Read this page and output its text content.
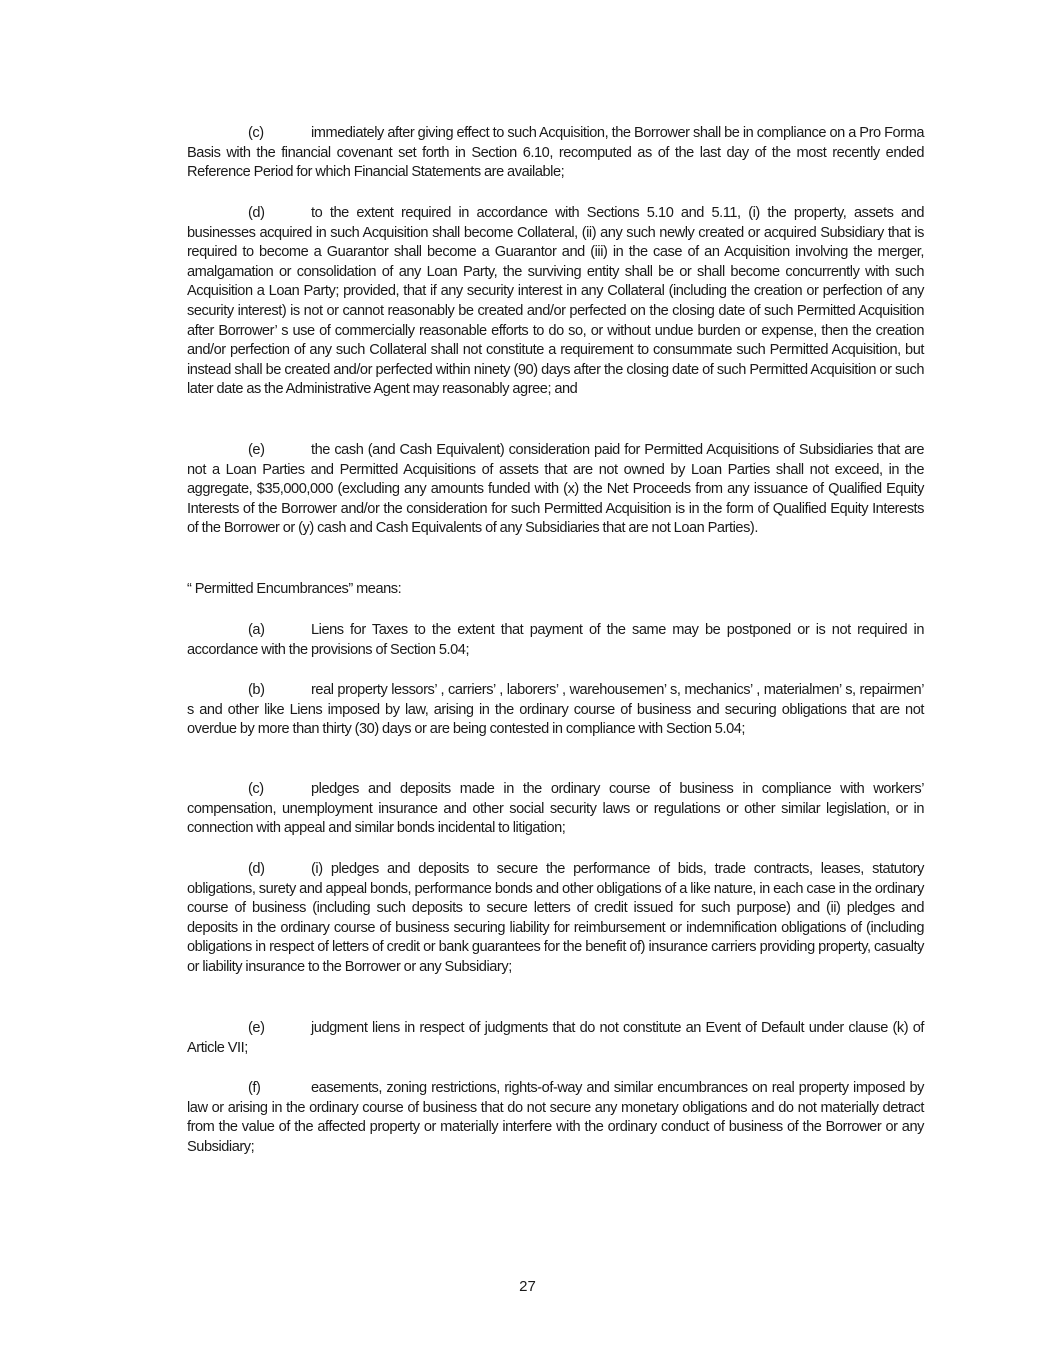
(c)	immediately after giving effect to such Acquisition, the Borrower shall be in compliance on a Pro Forma Basis with the financial covenant set forth in Section 6.10, recomputed as of the last day of the most recently ended Reference Period for which Financial Statements are available;

(d)	to the extent required in accordance with Sections 5.10 and 5.11, (i) the property, assets and businesses acquired in such Acquisition shall become Collateral, (ii) any such newly created or acquired Subsidiary that is required to become a Guarantor shall become a Guarantor and (iii) in the case of an Acquisition involving the merger, amalgamation or consolidation of any Loan Party, the surviving entity shall be or shall become concurrently with such Acquisition a Loan Party; provided, that if any security interest in any Collateral (including the creation or perfection of any security interest) is not or cannot reasonably be created and/or perfected on the closing date of such Permitted Acquisition after Borrower’ s use of commercially reasonable efforts to do so, or without undue burden or expense, then the creation and/or perfection of any such Collateral shall not constitute a requirement to consummate such Permitted Acquisition, but instead shall be created and/or perfected within ninety (90) days after the closing date of such Permitted Acquisition or such later date as the Administrative Agent may reasonably agree; and

(e)	the cash (and Cash Equivalent) consideration paid for Permitted Acquisitions of Subsidiaries that are not a Loan Parties and Permitted Acquisitions of assets that are not owned by Loan Parties shall not exceed, in the aggregate, $35,000,000 (excluding any amounts funded with (x) the Net Proceeds from any issuance of Qualified Equity Interests of the Borrower and/or the consideration for such Permitted Acquisition is in the form of Qualified Equity Interests of the Borrower or (y) cash and Cash Equivalents of any Subsidiaries that are not Loan Parties).

“ Permitted Encumbrances” means:

(a)	Liens for Taxes to the extent that payment of the same may be postponed or is not required in accordance with the provisions of Section 5.04;

(b)	real property lessors’ , carriers’ , laborers’ , warehousemen’ s, mechanics’ , materialmen’ s, repairmen’ s and other like Liens imposed by law, arising in the ordinary course of business and securing obligations that are not overdue by more than thirty (30) days or are being contested in compliance with Section 5.04;

(c)	pledges and deposits made in the ordinary course of business in compliance with workers’ compensation, unemployment insurance and other social security laws or regulations or other similar legislation, or in connection with appeal and similar bonds incidental to litigation;

(d)	(i) pledges and deposits to secure the performance of bids, trade contracts, leases, statutory obligations, surety and appeal bonds, performance bonds and other obligations of a like nature, in each case in the ordinary course of business (including such deposits to secure letters of credit issued for such purpose) and (ii) pledges and deposits in the ordinary course of business securing liability for reimbursement or indemnification obligations of (including obligations in respect of letters of credit or bank guarantees for the benefit of) insurance carriers providing property, casualty or liability insurance to the Borrower or any Subsidiary;

(e)	judgment liens in respect of judgments that do not constitute an Event of Default under clause (k) of Article VII;

(f)	easements, zoning restrictions, rights-of-way and similar encumbrances on real property imposed by law or arising in the ordinary course of business that do not secure any monetary obligations and do not materially detract from the value of the affected property or materially interfere with the ordinary conduct of business of the Borrower or any Subsidiary;

27
